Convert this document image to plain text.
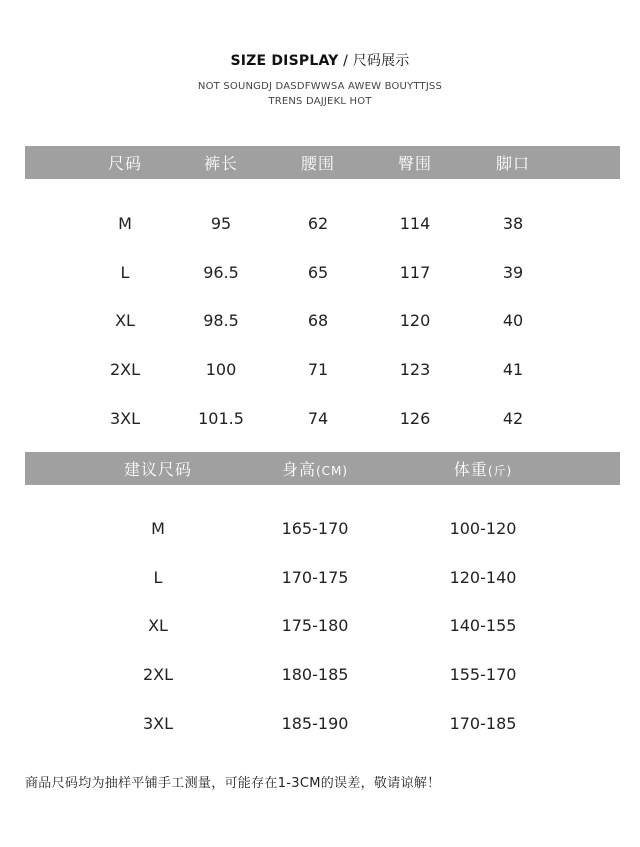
SIZE DISPLAY / 尺码展示
NOT SOUNGDJ DASDFWWSA AWEW BOUYTTJSS
TRENS DAJJEKL HOT
尺码	裤长	腰围	臀围	脚口
M	95	62	114	38
L	96.5	65	117	39
XL	98.5	68	120	40
2XL	100	71	123	41
3XL	101.5	74	126	42
建议尺码	身高(CM)	体重(斤)
M	165-170	100-120
L	170-175	120-140
XL	175-180	140-155
2XL	180-185	155-170
3XL	185-190	170-185
商品尺码均为抽样平铺手工测量，可能存在1-3CM的误差，敬请谅解！
